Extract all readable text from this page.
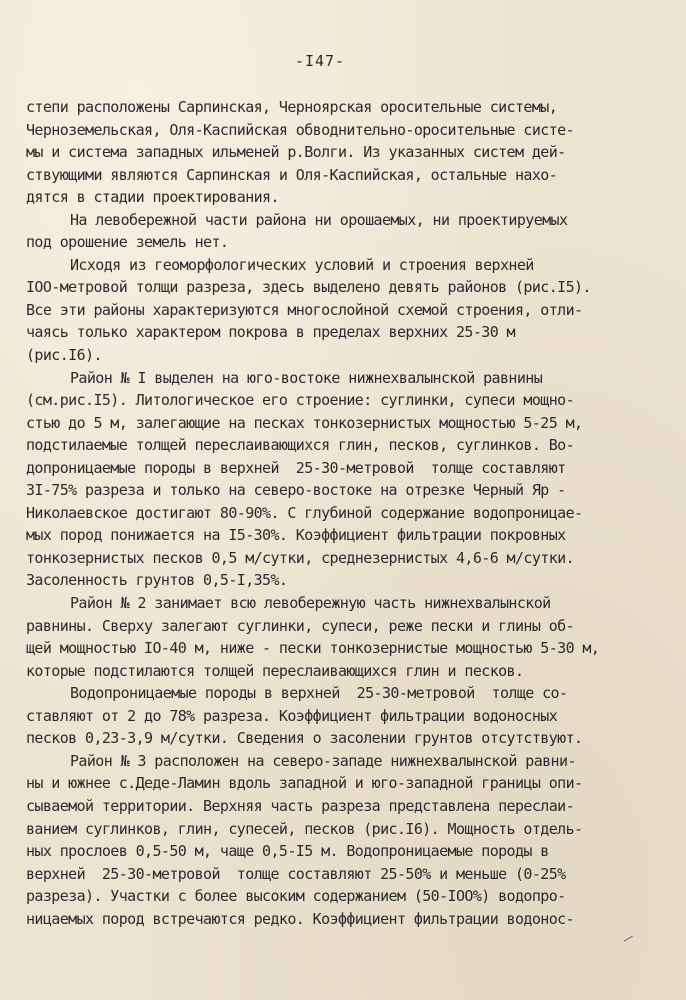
-I47-
степи расположены Сарпинская, Черноярская оросительные системы,
Черноземельская, Оля-Каспийская обводнительно-оросительные систе-
мы и система западных ильменей р.Волги. Из указанных систем дей-
ствующими являются Сарпинская и Оля-Каспийская, остальные нахо-
дятся в стадии проектирования.
На левобережной части района ни орошаемых, ни проектируемых
под орошение земель нет.
Исходя из геоморфологических условий и строения верхней
IOO-метровой толщи разреза, здесь выделено девять районов (рис.I5).
Все эти районы характеризуются многослойной схемой строения, отли-
чаясь только характером покрова в пределах верхних 25-30 м
(рис.I6).
Район № I выделен на юго-востоке нижнехвалынской равнины
(см.рис.I5). Литологическое его строение: суглинки, супеси мощно-
стью до 5 м, залегающие на песках тонкозернистых мощностью 5-25 м,
подстилаемые толщей переслаивающихся глин, песков, суглинков. Во-
допроницаемые породы в верхней  25-30-метровой  толще составляют
3I-75% разреза и только на северо-востоке на отрезке Черный Яр -
Николаевское достигают 80-90%. С глубиной содержание водопроницае-
мых пород понижается на I5-30%. Коэффициент фильтрации покровных
тонкозернистых песков 0,5 м/сутки, среднезернистых 4,6-6 м/сутки.
Засоленность грунтов 0,5-I,35%.
Район № 2 занимает всю левобережную часть нижнехвалынской
равнины. Сверху залегают суглинки, супеси, реже пески и глины об-
щей мощностью IO-40 м, ниже - пески тонкозернистые мощностью 5-30 м,
которые подстилаются толщей переслаивающихся глин и песков.
Водопроницаемые породы в верхней  25-30-метровой  толще со-
ставляют от 2 до 78% разреза. Коэффициент фильтрации водоносных
песков 0,23-3,9 м/сутки. Сведения о засолении грунтов отсутствуют.
Район № 3 расположен на северо-западе нижнехвалынской равни-
ны и южнее с.Деде-Ламин вдоль западной и юго-западной границы опи-
сываемой территории. Верхняя часть разреза представлена переслаи-
ванием суглинков, глин, супесей, песков (рис.I6). Мощность отдель-
ных прослоев 0,5-50 м, чаще 0,5-I5 м. Водопроницаемые породы в
верхней  25-30-метровой  толще составляют 25-50% и меньше (0-25%
разреза). Участки с более высоким содержанием (50-IOO%) водопро-
ницаемых пород встречаются редко. Коэффициент фильтрации водонос-
